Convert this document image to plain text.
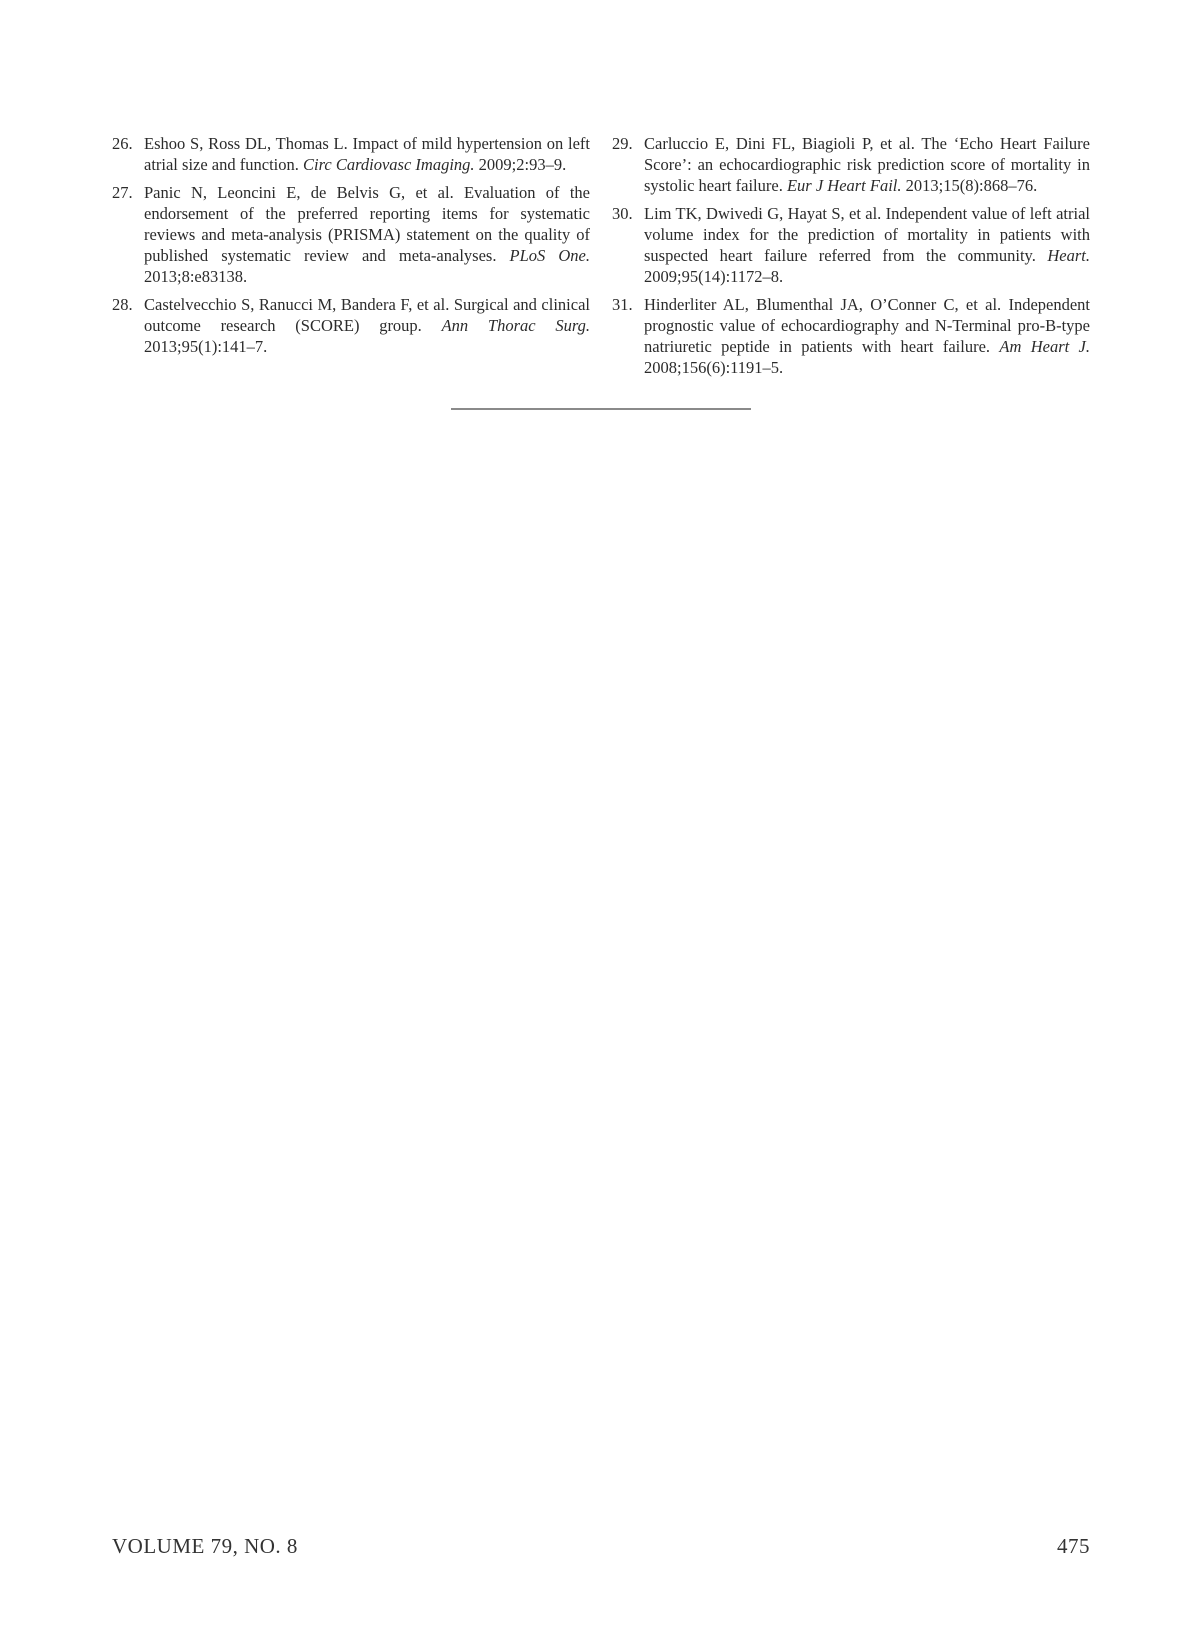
26. Eshoo S, Ross DL, Thomas L. Impact of mild hypertension on left atrial size and function. Circ Cardiovasc Imaging. 2009;2:93–9.

27. Panic N, Leoncini E, de Belvis G, et al. Evaluation of the endorsement of the preferred reporting items for systematic reviews and meta-analysis (PRISMA) statement on the quality of published systematic review and meta-analyses. PLoS One. 2013;8:e83138.

28. Castelvecchio S, Ranucci M, Bandera F, et al. Surgical and clinical outcome research (SCORE) group. Ann Thorac Surg. 2013;95(1):141–7.

29. Carluccio E, Dini FL, Biagioli P, et al. The ‘Echo Heart Failure Score’: an echocardiographic risk prediction score of mortality in systolic heart failure. Eur J Heart Fail. 2013;15(8):868–76.

30. Lim TK, Dwivedi G, Hayat S, et al. Independent value of left atrial volume index for the prediction of mortality in patients with suspected heart failure referred from the community. Heart. 2009;95(14):1172–8.

31. Hinderliter AL, Blumenthal JA, O’Conner C, et al. Independent prognostic value of echocardiography and N-Terminal pro-B-type natriuretic peptide in patients with heart failure. Am Heart J. 2008;156(6):1191–5.

VOLUME 79, NO. 8	475
